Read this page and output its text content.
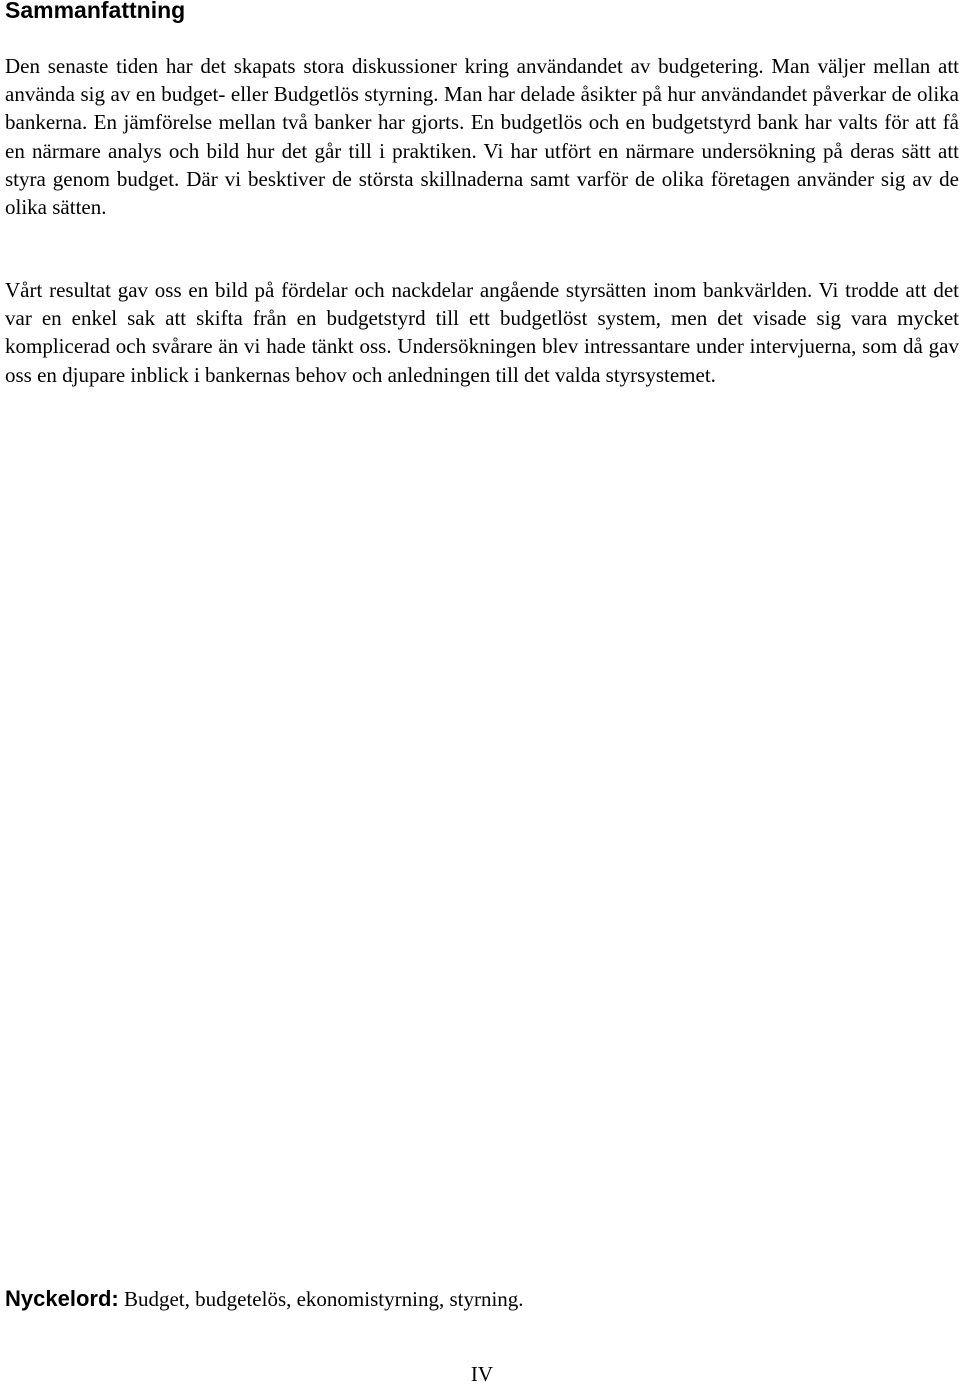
Sammanfattning

Den senaste tiden har det skapats stora diskussioner kring användandet av budgetering. Man väljer mellan att använda sig av en budget- eller Budgetlös styrning. Man har delade åsikter på hur användandet påverkar de olika bankerna. En jämförelse mellan två banker har gjorts. En budgetlös och en budgetstyrd bank har valts för att få en närmare analys och bild hur det går till i praktiken. Vi har utfört en närmare undersökning på deras sätt att styra genom budget. Där vi besktiver de största skillnaderna samt varför de olika företagen använder sig av de olika sätten.

Vårt resultat gav oss en bild på fördelar och nackdelar angående styrsätten inom bankvärlden. Vi trodde att det var en enkel sak att skifta från en budgetstyrd till ett budgetlöst system, men det visade sig vara mycket komplicerad och svårare än vi hade tänkt oss. Undersökningen blev intressantare under intervjuerna, som då gav oss en djupare inblick i bankernas behov och anledningen till det valda styrsystemet.

Nyckelord: Budget, budgetelös, ekonomistyrning, styrning.

IV
